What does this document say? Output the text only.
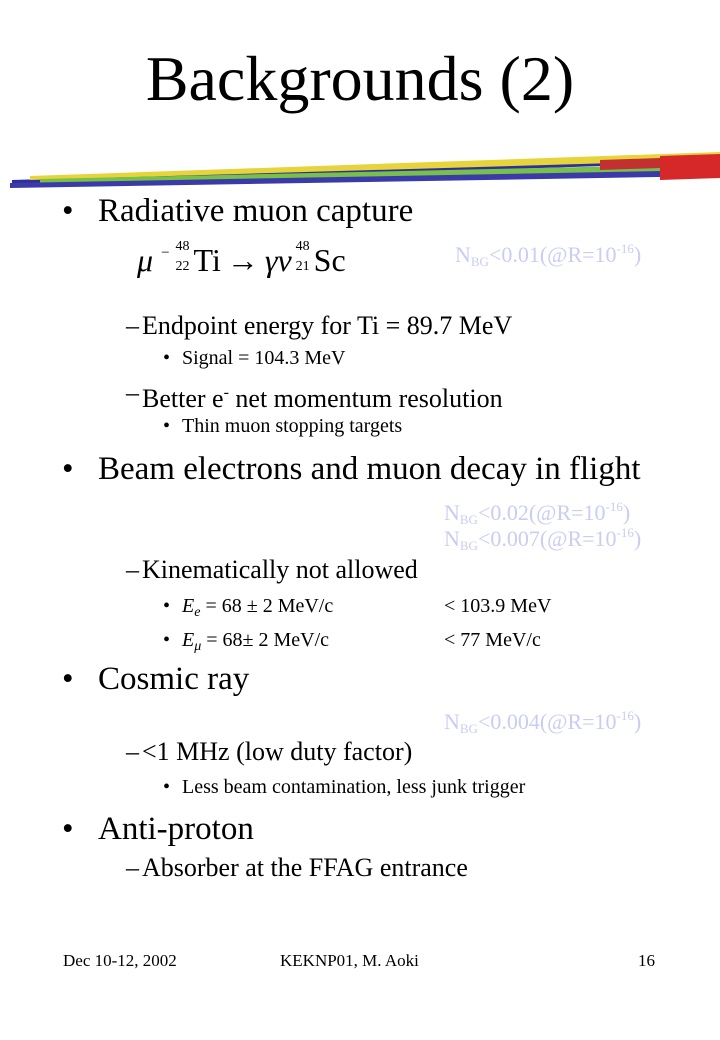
Backgrounds (2)
• Radiative muon capture
$N_{BG}<0.01(@R=10^{-16})$
μ − 48
22 Ti → γν 48
21 Sc
– Endpoint energy for Ti = 89.7 MeV
• Signal = 104.3 MeV
– Better e- net momentum resolution
• Thin muon stopping targets
• Beam electrons and muon decay in flight
$N_{BG}<0.02(@R=10^{-16})$
$N_{BG}<0.007(@R=10^{-16})$
– Kinematically not allowed
• $E_e = 68 \pm 2$ MeV/c	< 103.9 MeV
• $E_\mu = 68\pm 2$ MeV/c	< 77 MeV/c
• Cosmic ray
$N_{BG}<0.004(@R=10^{-16})$
– <1 MHz (low duty factor)
• Less beam contamination, less junk trigger
• Anti-proton
– Absorber at the FFAG entrance
Dec 10-12, 2002	KEKNP01, M. Aoki	16
